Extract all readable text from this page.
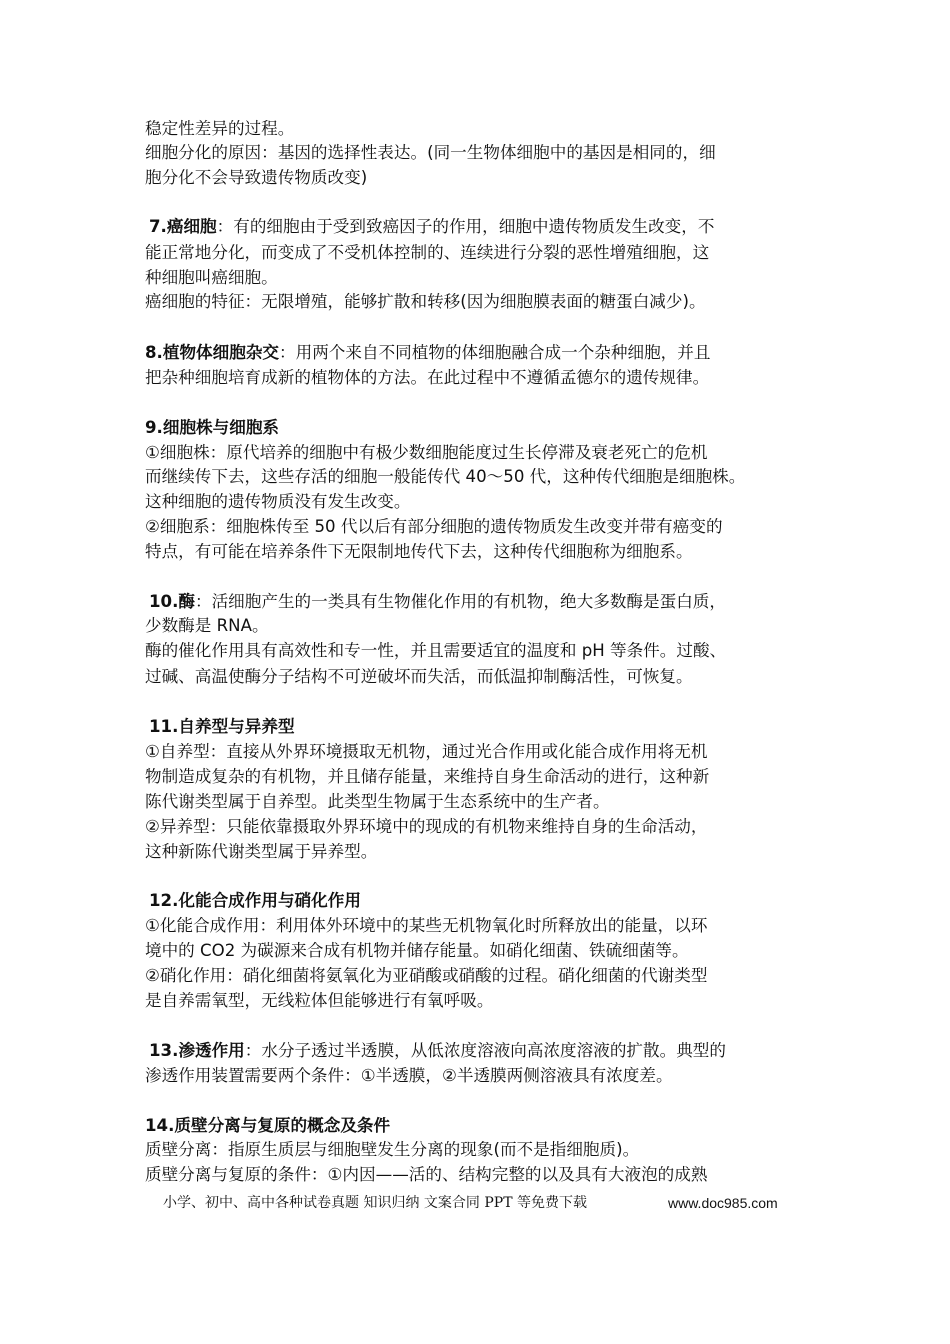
稳定性差异的过程。
细胞分化的原因：基因的选择性表达。(同一生物体细胞中的基因是相同的，细
胞分化不会导致遗传物质改变)
7.癌细胞：有的细胞由于受到致癌因子的作用，细胞中遗传物质发生改变，不
能正常地分化，而变成了不受机体控制的、连续进行分裂的恶性增殖细胞，这
种细胞叫癌细胞。
癌细胞的特征：无限增殖，能够扩散和转移(因为细胞膜表面的糖蛋白减少)。
8.植物体细胞杂交：用两个来自不同植物的体细胞融合成一个杂种细胞，并且
把杂种细胞培育成新的植物体的方法。在此过程中不遵循孟德尔的遗传规律。
9.细胞株与细胞系
①细胞株：原代培养的细胞中有极少数细胞能度过生长停滞及衰老死亡的危机
而继续传下去，这些存活的细胞一般能传代 40～50 代，这种传代细胞是细胞株。
这种细胞的遗传物质没有发生改变。
②细胞系：细胞株传至 50 代以后有部分细胞的遗传物质发生改变并带有癌变的
特点，有可能在培养条件下无限制地传代下去，这种传代细胞称为细胞系。
10.酶：活细胞产生的一类具有生物催化作用的有机物，绝大多数酶是蛋白质，
少数酶是 RNA。
酶的催化作用具有高效性和专一性，并且需要适宜的温度和 pH 等条件。过酸、
过碱、高温使酶分子结构不可逆破坏而失活，而低温抑制酶活性，可恢复。
11.自养型与异养型
①自养型：直接从外界环境摄取无机物，通过光合作用或化能合成作用将无机
物制造成复杂的有机物，并且储存能量，来维持自身生命活动的进行，这种新
陈代谢类型属于自养型。此类型生物属于生态系统中的生产者。
②异养型：只能依靠摄取外界环境中的现成的有机物来维持自身的生命活动，
这种新陈代谢类型属于异养型。
12.化能合成作用与硝化作用
①化能合成作用：利用体外环境中的某些无机物氧化时所释放出的能量，以环
境中的 CO2 为碳源来合成有机物并储存能量。如硝化细菌、铁硫细菌等。
②硝化作用：硝化细菌将氨氧化为亚硝酸或硝酸的过程。硝化细菌的代谢类型
是自养需氧型，无线粒体但能够进行有氧呼吸。
13.渗透作用：水分子透过半透膜，从低浓度溶液向高浓度溶液的扩散。典型的
渗透作用装置需要两个条件：①半透膜，②半透膜两侧溶液具有浓度差。
14.质壁分离与复原的概念及条件
质壁分离：指原生质层与细胞壁发生分离的现象(而不是指细胞质)。
质壁分离与复原的条件：①内因——活的、结构完整的以及具有大液泡的成熟
小学、初中、高中各种试卷真题 知识归纳 文案合同 PPT 等免费下载	www.doc985.com
